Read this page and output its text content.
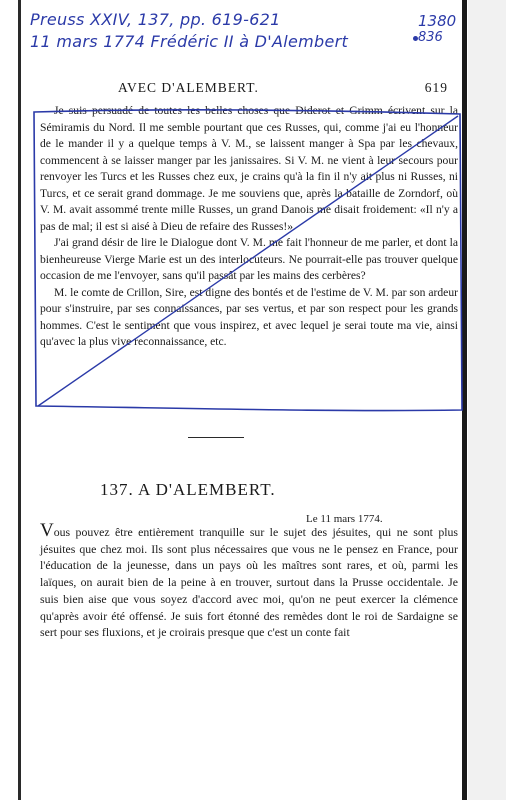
Preuss XXIV, 137, pp. 619-621
11 mars 1774 Frédéric II à D'Alembert
1380
836
AVEC D'ALEMBERT.	619

Je suis persuadé de toutes les belles choses que Diderot et Grimm écrivent sur la Sémiramis du Nord. Il me semble pourtant que ces Russes, qui, comme j'ai eu l'honneur de le mander il y a quelque temps à V. M., se laissent manger à Spa par les chevaux, commencent à se laisser manger par les janissaires. Si V. M. ne vient à leur secours pour renvoyer les Turcs et les Russes chez eux, je crains qu'à la fin il n'y ait plus ni Russes, ni Turcs, et ce serait grand dommage. Je me souviens que, après la bataille de Zorndorf, où V. M. avait assommé trente mille Russes, un grand Danois me disait froidement: «Il n'y a pas de mal; il est si aisé à Dieu de refaire des Russes!»

J'ai grand désir de lire le Dialogue dont V. M. me fait l'honneur de me parler, et dont la bienheureuse Vierge Marie est un des interlocuteurs. Ne pourrait-elle pas trouver quelque occasion de me l'envoyer, sans qu'il passât par les mains des cerbères?

M. le comte de Crillon, Sire, est digne des bontés et de l'estime de V. M. par son ardeur pour s'instruire, par ses connaissances, par ses vertus, et par son respect pour les grands hommes. C'est le sentiment que vous inspirez, et avec lequel je serai toute ma vie, ainsi qu'avec la plus vive reconnaissance, etc.

137. A D'ALEMBERT.
Le 11 mars 1774.

Vous pouvez être entièrement tranquille sur le sujet des jésuites, qui ne sont plus jésuites que chez moi. Ils sont plus nécessaires que vous ne le pensez en France, pour l'éducation de la jeunesse, dans un pays où les maîtres sont rares, et où, parmi les laïques, on aurait bien de la peine à en trouver, surtout dans la Prusse occidentale. Je suis bien aise que vous soyez d'accord avec moi, qu'on ne peut exercer la clémence qu'après avoir été offensé. Je suis fort étonné des remèdes dont le roi de Sardaigne se sert pour ses fluxions, et je croirais presque que c'est un conte fait
